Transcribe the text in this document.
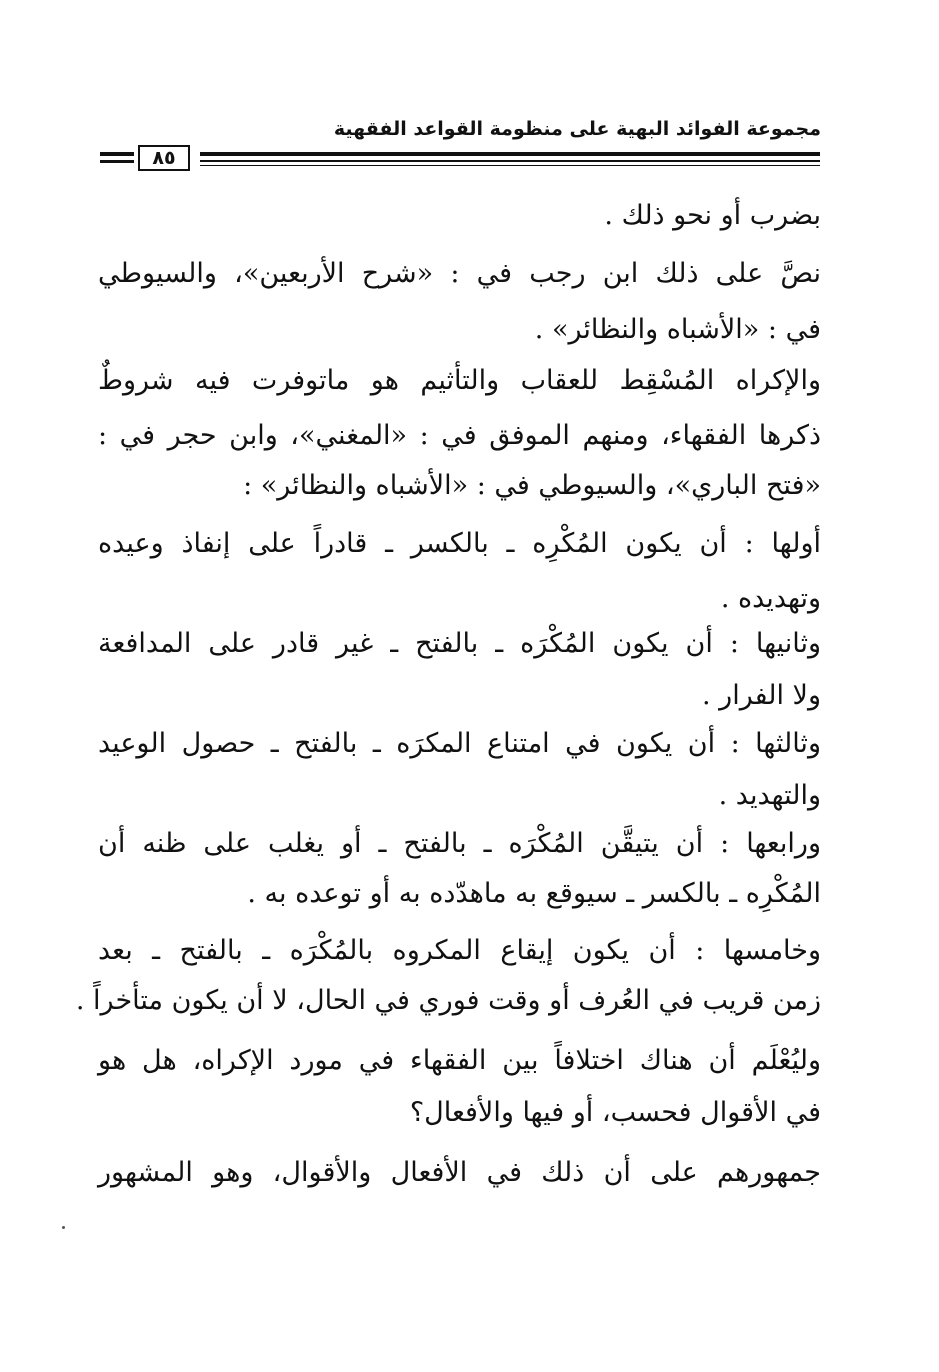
مجموعة الفوائد البهية على منظومة القواعد الفقهية
٨٥
بضرب أو نحو ذلك .
نصَّ على ذلك ابن رجب في : «شرح الأربعين»، والسيوطي
في : «الأشباه والنظائر» .
والإكراه المُسْقِط للعقاب والتأثيم هو ماتوفرت فيه شروطٌ
ذكرها الفقهاء، ومنهم الموفق في : «المغني»، وابن حجر في :
«فتح الباري»، والسيوطي في : «الأشباه والنظائر» :
أولها : أن يكون المُكْرِه ـ بالكسر ـ قادراً على إنفاذ وعيده
وتهديده .
وثانيها : أن يكون المُكْرَه ـ بالفتح ـ غير قادر على المدافعة
ولا الفرار .
وثالثها : أن يكون في امتناع المكرَه ـ بالفتح ـ حصول الوعيد
والتهديد .
ورابعها : أن يتيقَّن المُكْرَه ـ بالفتح ـ أو يغلب على ظنه أن
المُكْرِه ـ بالكسر ـ سيوقع به ماهدّده به أو توعده به .
وخامسها : أن يكون إيقاع المكروه بالمُكْرَه ـ بالفتح ـ بعد
زمن قريب في العُرف أو وقت فوري في الحال، لا أن يكون متأخراً .
وليُعْلَم أن هناك اختلافاً بين الفقهاء في مورد الإكراه، هل هو
في الأقوال فحسب، أو فيها والأفعال؟
جمهورهم على أن ذلك في الأفعال والأقوال، وهو المشهور
